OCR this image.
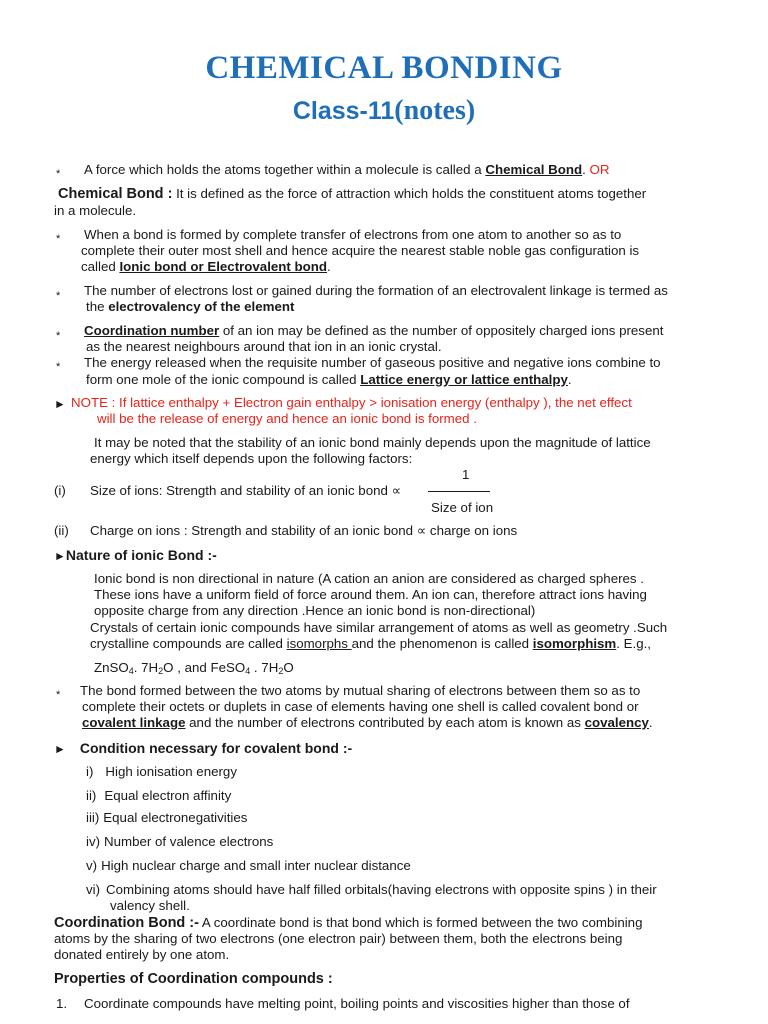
CHEMICAL BONDING
Class-11(notes)
* A force which holds the atoms together within a molecule is called a Chemical Bond. OR
Chemical Bond : It is defined as the force of attraction which holds the constituent atoms together
in a molecule.
* When a bond is formed by complete transfer of electrons from one atom to another so as to
complete their outer most shell and hence acquire the nearest stable noble gas configuration is
called Ionic bond or Electrovalent bond.
* The number of electrons lost or gained during the formation of an electrovalent linkage is termed as
the electrovalency of the element
* Coordination number of an ion may be defined as the number of oppositely charged ions present
as the nearest neighbours around that ion in an ionic crystal.
* The energy released when the requisite number of gaseous positive and negative ions combine to
form one mole of the ionic compound is called Lattice energy or lattice enthalpy.
► NOTE : If lattice enthalpy + Electron gain enthalpy > ionisation energy (enthalpy ), the net effect
will be the release of energy and hence an ionic bond is formed .
It may be noted that the stability of an ionic bond mainly depends upon the magnitude of lattice
energy which itself depends upon the following factors:
1
(i) Size of ions: Strength and stability of an ionic bond ∝
Size of ion
(ii) Charge on ions : Strength and stability of an ionic bond ∝ charge on ions
►Nature of ionic Bond :-
Ionic bond is non directional in nature (A cation an anion are considered as charged spheres .
These ions have a uniform field of force around them. An ion can, therefore attract ions having
opposite charge from any direction .Hence an ionic bond is non-directional)
Crystals of certain ionic compounds have similar arrangement of atoms as well as geometry .Such
crystalline compounds are called isomorphs and the phenomenon is called isomorphism. E.g.,
ZnSO$_4$. $7H_2O$ , and FeSO$_4$ . $7H_2O$
* The bond formed between the two atoms by mutual sharing of electrons between them so as to
complete their octets or duplets in case of elements having one shell is called covalent bond or
covalent linkage and the number of electrons contributed by each atom is known as covalency.
► Condition necessary for covalent bond :-
i) High ionisation energy
ii) Equal electron affinity
iii) Equal electronegativities
iv) Number of valence electrons
v) High nuclear charge and small inter nuclear distance
vi) Combining atoms should have half filled orbitals(having electrons with opposite spins ) in their
valency shell.
Coordination Bond :- A coordinate bond is that bond which is formed between the two combining
atoms by the sharing of two electrons (one electron pair) between them, both the electrons being
donated entirely by one atom.
Properties of Coordination compounds :
1. Coordinate compounds have melting point, boiling points and viscosities higher than those of
